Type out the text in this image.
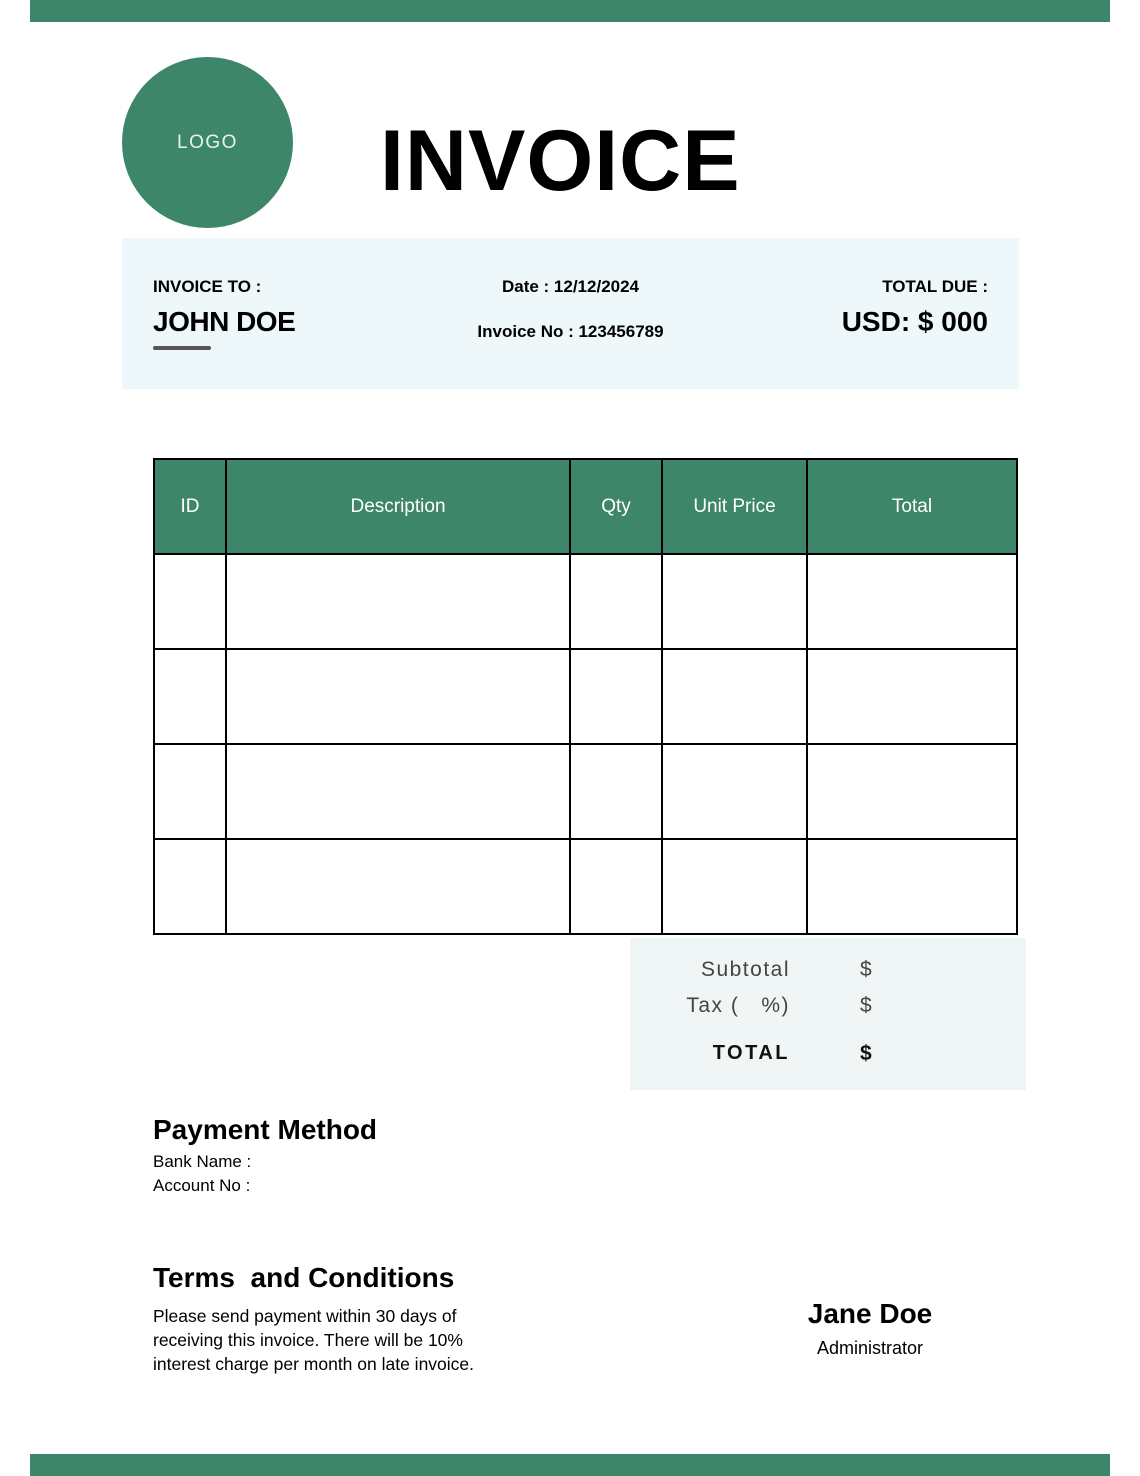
LOGO INVOICE
INVOICE TO :
JOHN DOE
Date : 12/12/2024
Invoice No : 123456789
TOTAL DUE :
USD: $ 000
ID	Description	Qty	Unit Price	Total

Subtotal	$
Tax (   %)	$
TOTAL	$
Payment Method
Bank Name :
Account No :
Terms  and Conditions
Please send payment within 30 days of
receiving this invoice. There will be 10%
interest charge per month on late invoice.
Jane Doe
Administrator
